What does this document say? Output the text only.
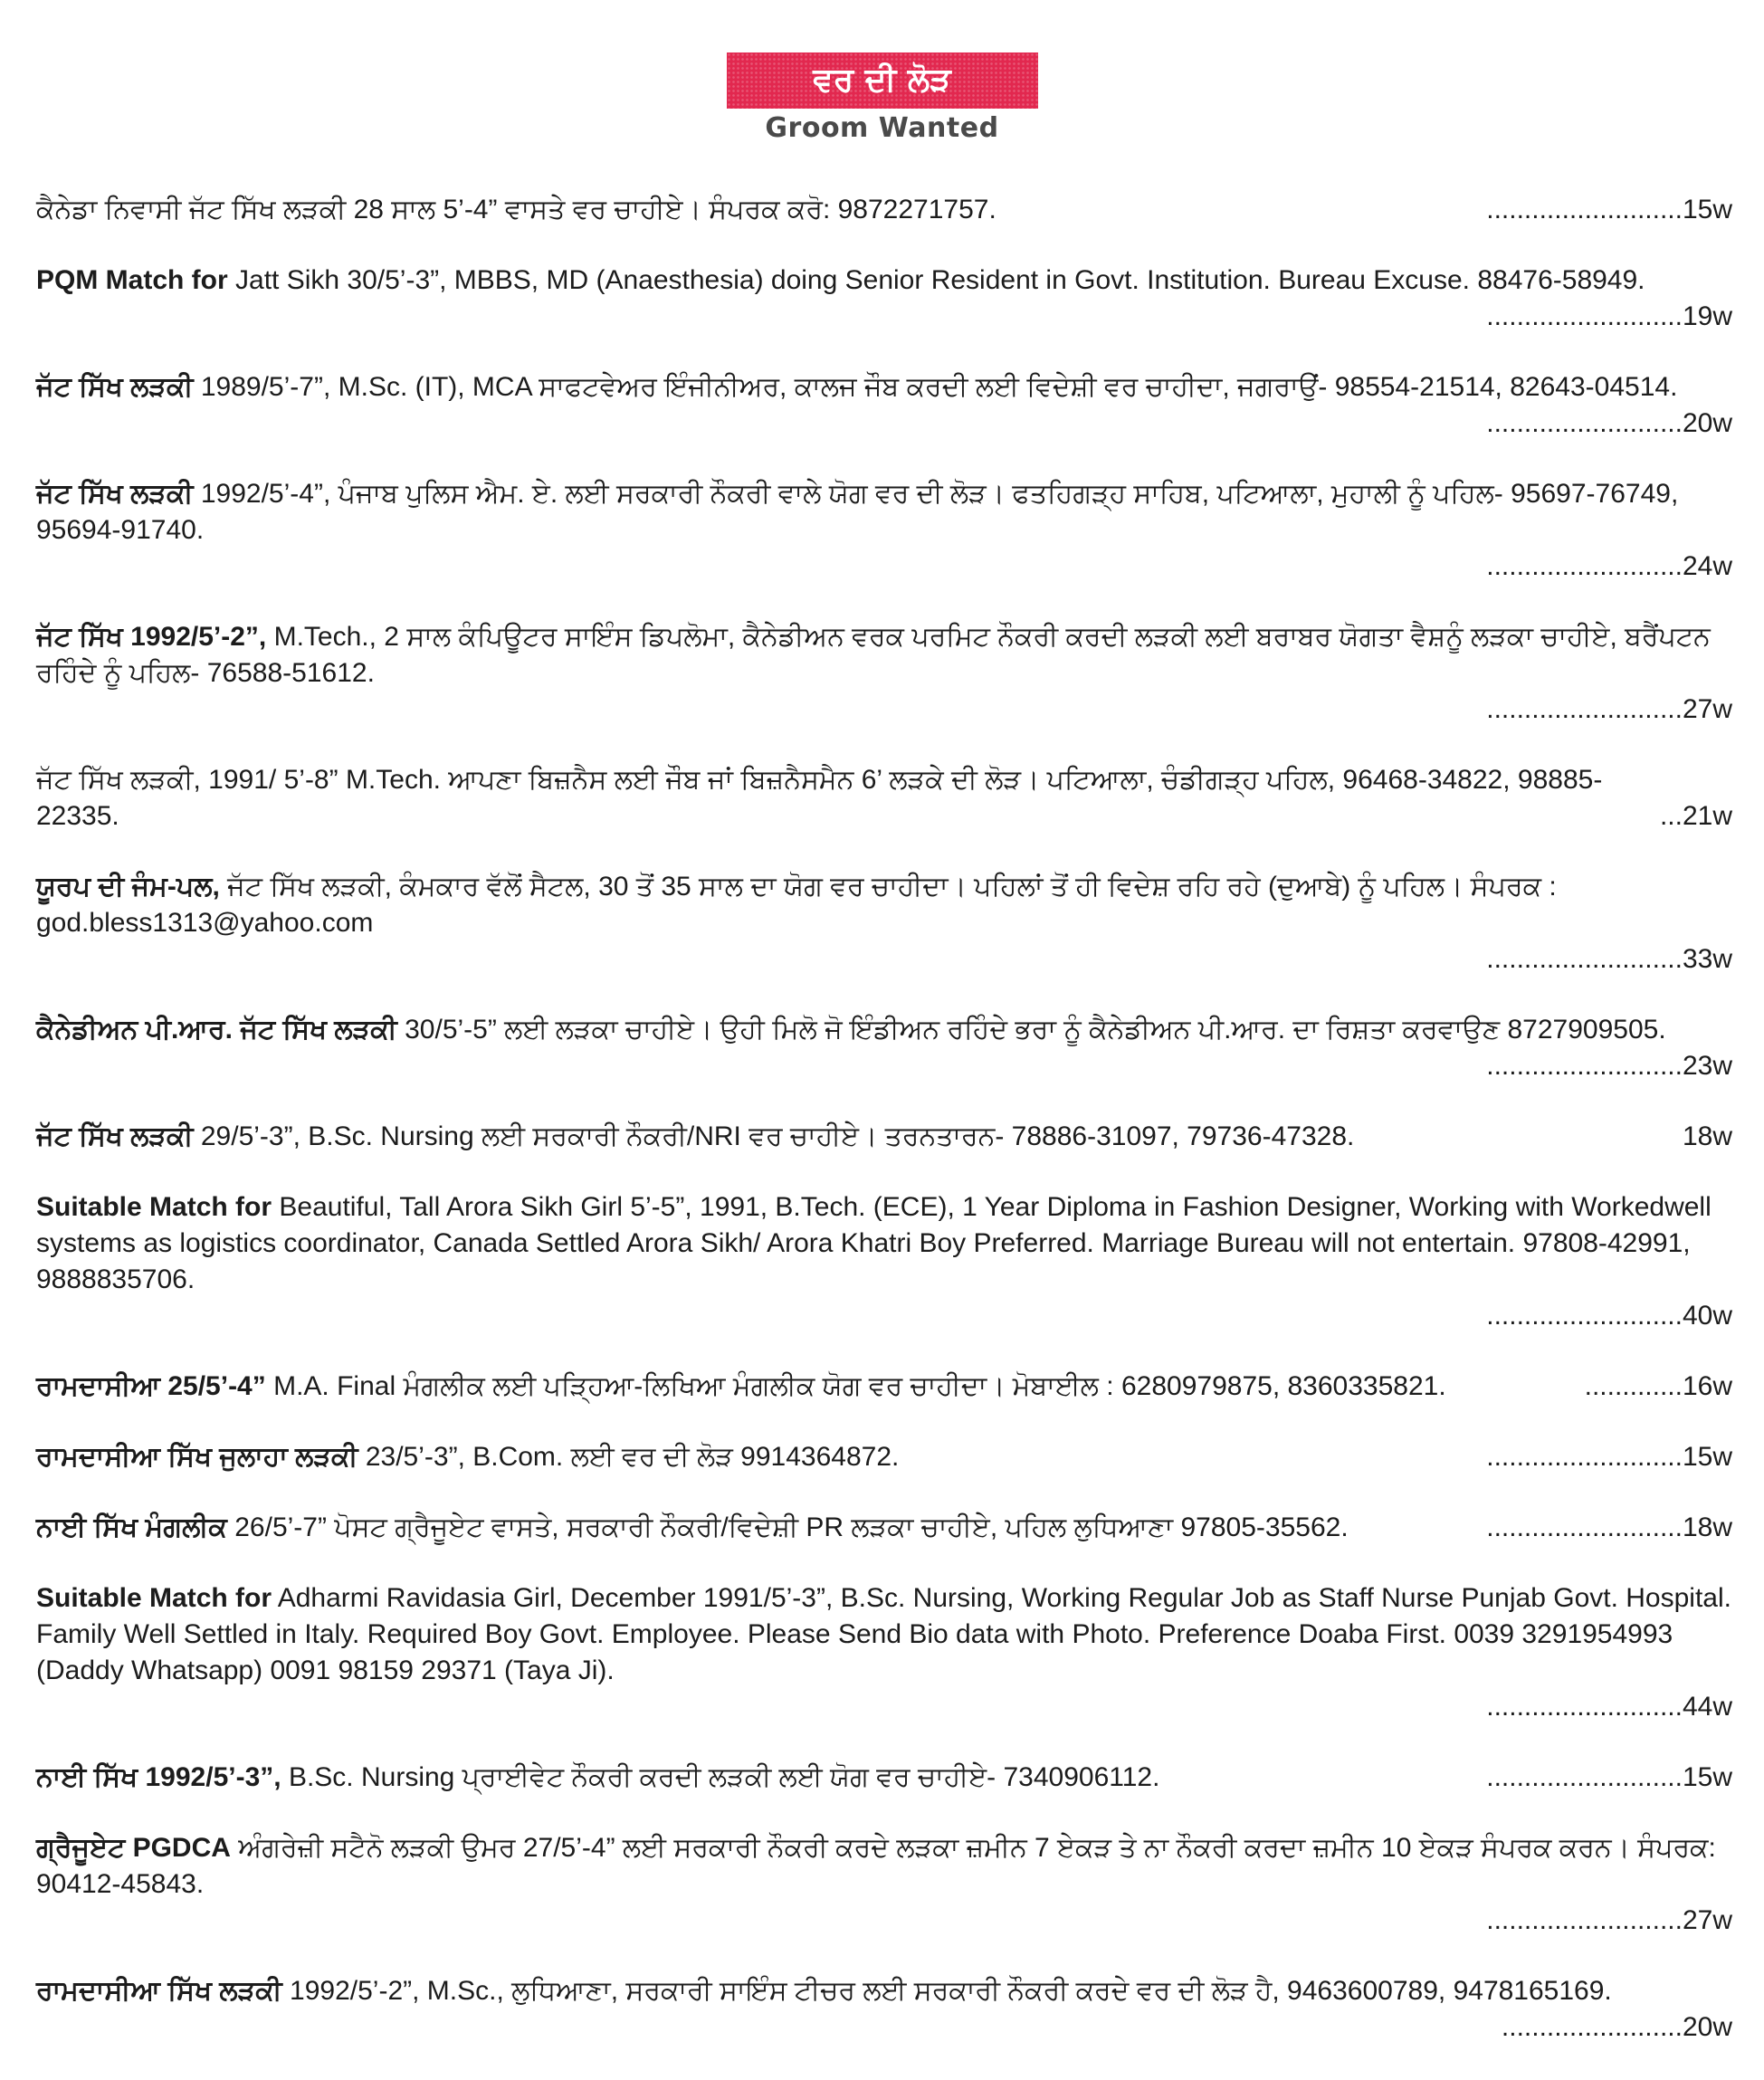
ਵਰ ਦੀ ਲੋੜ
Groom Wanted
ਕੈਨੇਡਾ ਨਿਵਾਸੀ ਜੱਟ ਸਿੱਖ ਲੜਕੀ 28 ਸਾਲ 5’-4” ਵਾਸਤੇ ਵਰ ਚਾਹੀਏ। ਸੰਪਰਕ ਕਰੋ: 9872271757.	..........................15w
PQM Match for Jatt Sikh 30/5’-3”, MBBS, MD (Anaesthesia) doing Senior Resident in Govt. Institution. Bureau Excuse. 88476-58949.
..........................19w
ਜੱਟ ਸਿੱਖ ਲੜਕੀ 1989/5’-7”, M.Sc. (IT), MCA ਸਾਫਟਵੇਅਰ ਇੰਜੀਨੀਅਰ, ਕਾਲਜ ਜੌਬ ਕਰਦੀ ਲਈ ਵਿਦੇਸ਼ੀ ਵਰ ਚਾਹੀਦਾ, ਜਗਰਾਉਂ- 98554-21514, 82643-04514.
..........................20w
ਜੱਟ ਸਿੱਖ ਲੜਕੀ 1992/5’-4”, ਪੰਜਾਬ ਪੁਲਿਸ ਐਮ. ਏ. ਲਈ ਸਰਕਾਰੀ ਨੌਕਰੀ ਵਾਲੇ ਯੋਗ ਵਰ ਦੀ ਲੋੜ। ਫਤਹਿਗੜ੍ਹ ਸਾਹਿਬ, ਪਟਿਆਲਾ, ਮੁਹਾਲੀ ਨੂੰ ਪਹਿਲ- 95697-76749, 95694-91740.
..........................24w
ਜੱਟ ਸਿੱਖ 1992/5’-2”, M.Tech., 2 ਸਾਲ ਕੰਪਿਊਟਰ ਸਾਇੰਸ ਡਿਪਲੋਮਾ, ਕੈਨੇਡੀਅਨ ਵਰਕ ਪਰਮਿਟ ਨੌਕਰੀ ਕਰਦੀ ਲੜਕੀ ਲਈ ਬਰਾਬਰ ਯੋਗਤਾ ਵੈਸ਼ਨੂੰ ਲੜਕਾ ਚਾਹੀਏ, ਬਰੈਂਪਟਨ ਰਹਿੰਦੇ ਨੂੰ ਪਹਿਲ- 76588-51612.
..........................27w
ਜੱਟ ਸਿੱਖ ਲੜਕੀ, 1991/ 5’-8” M.Tech. ਆਪਣਾ ਬਿਜ਼ਨੈਸ ਲਈ ਜੌਬ ਜਾਂ ਬਿਜ਼ਨੈਸਮੈਨ 6’ ਲੜਕੇ ਦੀ ਲੋੜ। ਪਟਿਆਲਾ, ਚੰਡੀਗੜ੍ਹ ਪਹਿਲ, 96468-34822, 98885-22335.	...21w
ਯੂਰਪ ਦੀ ਜੰਮ-ਪਲ, ਜੱਟ ਸਿੱਖ ਲੜਕੀ, ਕੰਮਕਾਰ ਵੱਲੋਂ ਸੈਟਲ, 30 ਤੋਂ 35 ਸਾਲ ਦਾ ਯੋਗ ਵਰ ਚਾਹੀਦਾ। ਪਹਿਲਾਂ ਤੋਂ ਹੀ ਵਿਦੇਸ਼ ਰਹਿ ਰਹੇ (ਦੁਆਬੇ) ਨੂੰ ਪਹਿਲ। ਸੰਪਰਕ : god.bless1313@yahoo.com
..........................33w
ਕੈਨੇਡੀਅਨ ਪੀ.ਆਰ. ਜੱਟ ਸਿੱਖ ਲੜਕੀ 30/5’-5” ਲਈ ਲੜਕਾ ਚਾਹੀਏ। ਉਹੀ ਮਿਲੋ ਜੋ ਇੰਡੀਅਨ ਰਹਿੰਦੇ ਭਰਾ ਨੂੰ ਕੈਨੇਡੀਅਨ ਪੀ.ਆਰ. ਦਾ ਰਿਸ਼ਤਾ ਕਰਵਾਉਣ 8727909505.
..........................23w
ਜੱਟ ਸਿੱਖ ਲੜਕੀ 29/5’-3”, B.Sc. Nursing ਲਈ ਸਰਕਾਰੀ ਨੌਕਰੀ/NRI ਵਰ ਚਾਹੀਏ। ਤਰਨਤਾਰਨ- 78886-31097, 79736-47328.	18w
Suitable Match for Beautiful, Tall Arora Sikh Girl 5’-5”, 1991, B.Tech. (ECE), 1 Year Diploma in Fashion Designer, Working with Workedwell systems as logistics coordinator, Canada Settled Arora Sikh/ Arora Khatri Boy Preferred. Marriage Bureau will not entertain. 97808-42991, 9888835706.
..........................40w
ਰਾਮਦਾਸੀਆ 25/5’-4” M.A. Final ਮੰਗਲੀਕ ਲਈ ਪੜ੍ਹਿਆ-ਲਿਖਿਆ ਮੰਗਲੀਕ ਯੋਗ ਵਰ ਚਾਹੀਦਾ। ਮੋਬਾਈਲ : 6280979875, 8360335821.	.............16w
ਰਾਮਦਾਸੀਆ ਸਿੱਖ ਜੁਲਾਹਾ ਲੜਕੀ 23/5’-3”, B.Com. ਲਈ ਵਰ ਦੀ ਲੋੜ 9914364872.	..........................15w
ਨਾਈ ਸਿੱਖ ਮੰਗਲੀਕ 26/5’-7” ਪੋਸਟ ਗ੍ਰੈਜੂਏਟ ਵਾਸਤੇ, ਸਰਕਾਰੀ ਨੌਕਰੀ/ਵਿਦੇਸ਼ੀ PR ਲੜਕਾ ਚਾਹੀਏ, ਪਹਿਲ ਲੁਧਿਆਣਾ 97805-35562.	..........................18w
Suitable Match for Adharmi Ravidasia Girl, December 1991/5’-3”, B.Sc. Nursing, Working Regular Job as Staff Nurse Punjab Govt. Hospital. Family Well Settled in Italy. Required Boy Govt. Employee. Please Send Bio data with Photo. Preference Doaba First. 0039 3291954993 (Daddy Whatsapp) 0091 98159 29371 (Taya Ji).
..........................44w
ਨਾਈ ਸਿੱਖ 1992/5’-3”, B.Sc. Nursing ਪ੍ਰਾਈਵੇਟ ਨੌਕਰੀ ਕਰਦੀ ਲੜਕੀ ਲਈ ਯੋਗ ਵਰ ਚਾਹੀਏ- 7340906112.	..........................15w
ਗ੍ਰੈਜੂਏਟ PGDCA ਅੰਗਰੇਜ਼ੀ ਸਟੈਨੋ ਲੜਕੀ ਉਮਰ 27/5’-4” ਲਈ ਸਰਕਾਰੀ ਨੌਕਰੀ ਕਰਦੇ ਲੜਕਾ ਜ਼ਮੀਨ 7 ਏਕੜ ਤੇ ਨਾ ਨੌਕਰੀ ਕਰਦਾ ਜ਼ਮੀਨ 10 ਏਕੜ ਸੰਪਰਕ ਕਰਨ। ਸੰਪਰਕ: 90412-45843.
..........................27w
ਰਾਮਦਾਸੀਆ ਸਿੱਖ ਲੜਕੀ 1992/5’-2”, M.Sc., ਲੁਧਿਆਣਾ, ਸਰਕਾਰੀ ਸਾਇੰਸ ਟੀਚਰ ਲਈ ਸਰਕਾਰੀ ਨੌਕਰੀ ਕਰਦੇ ਵਰ ਦੀ ਲੋੜ ਹੈ, 9463600789, 9478165169.
........................20w
